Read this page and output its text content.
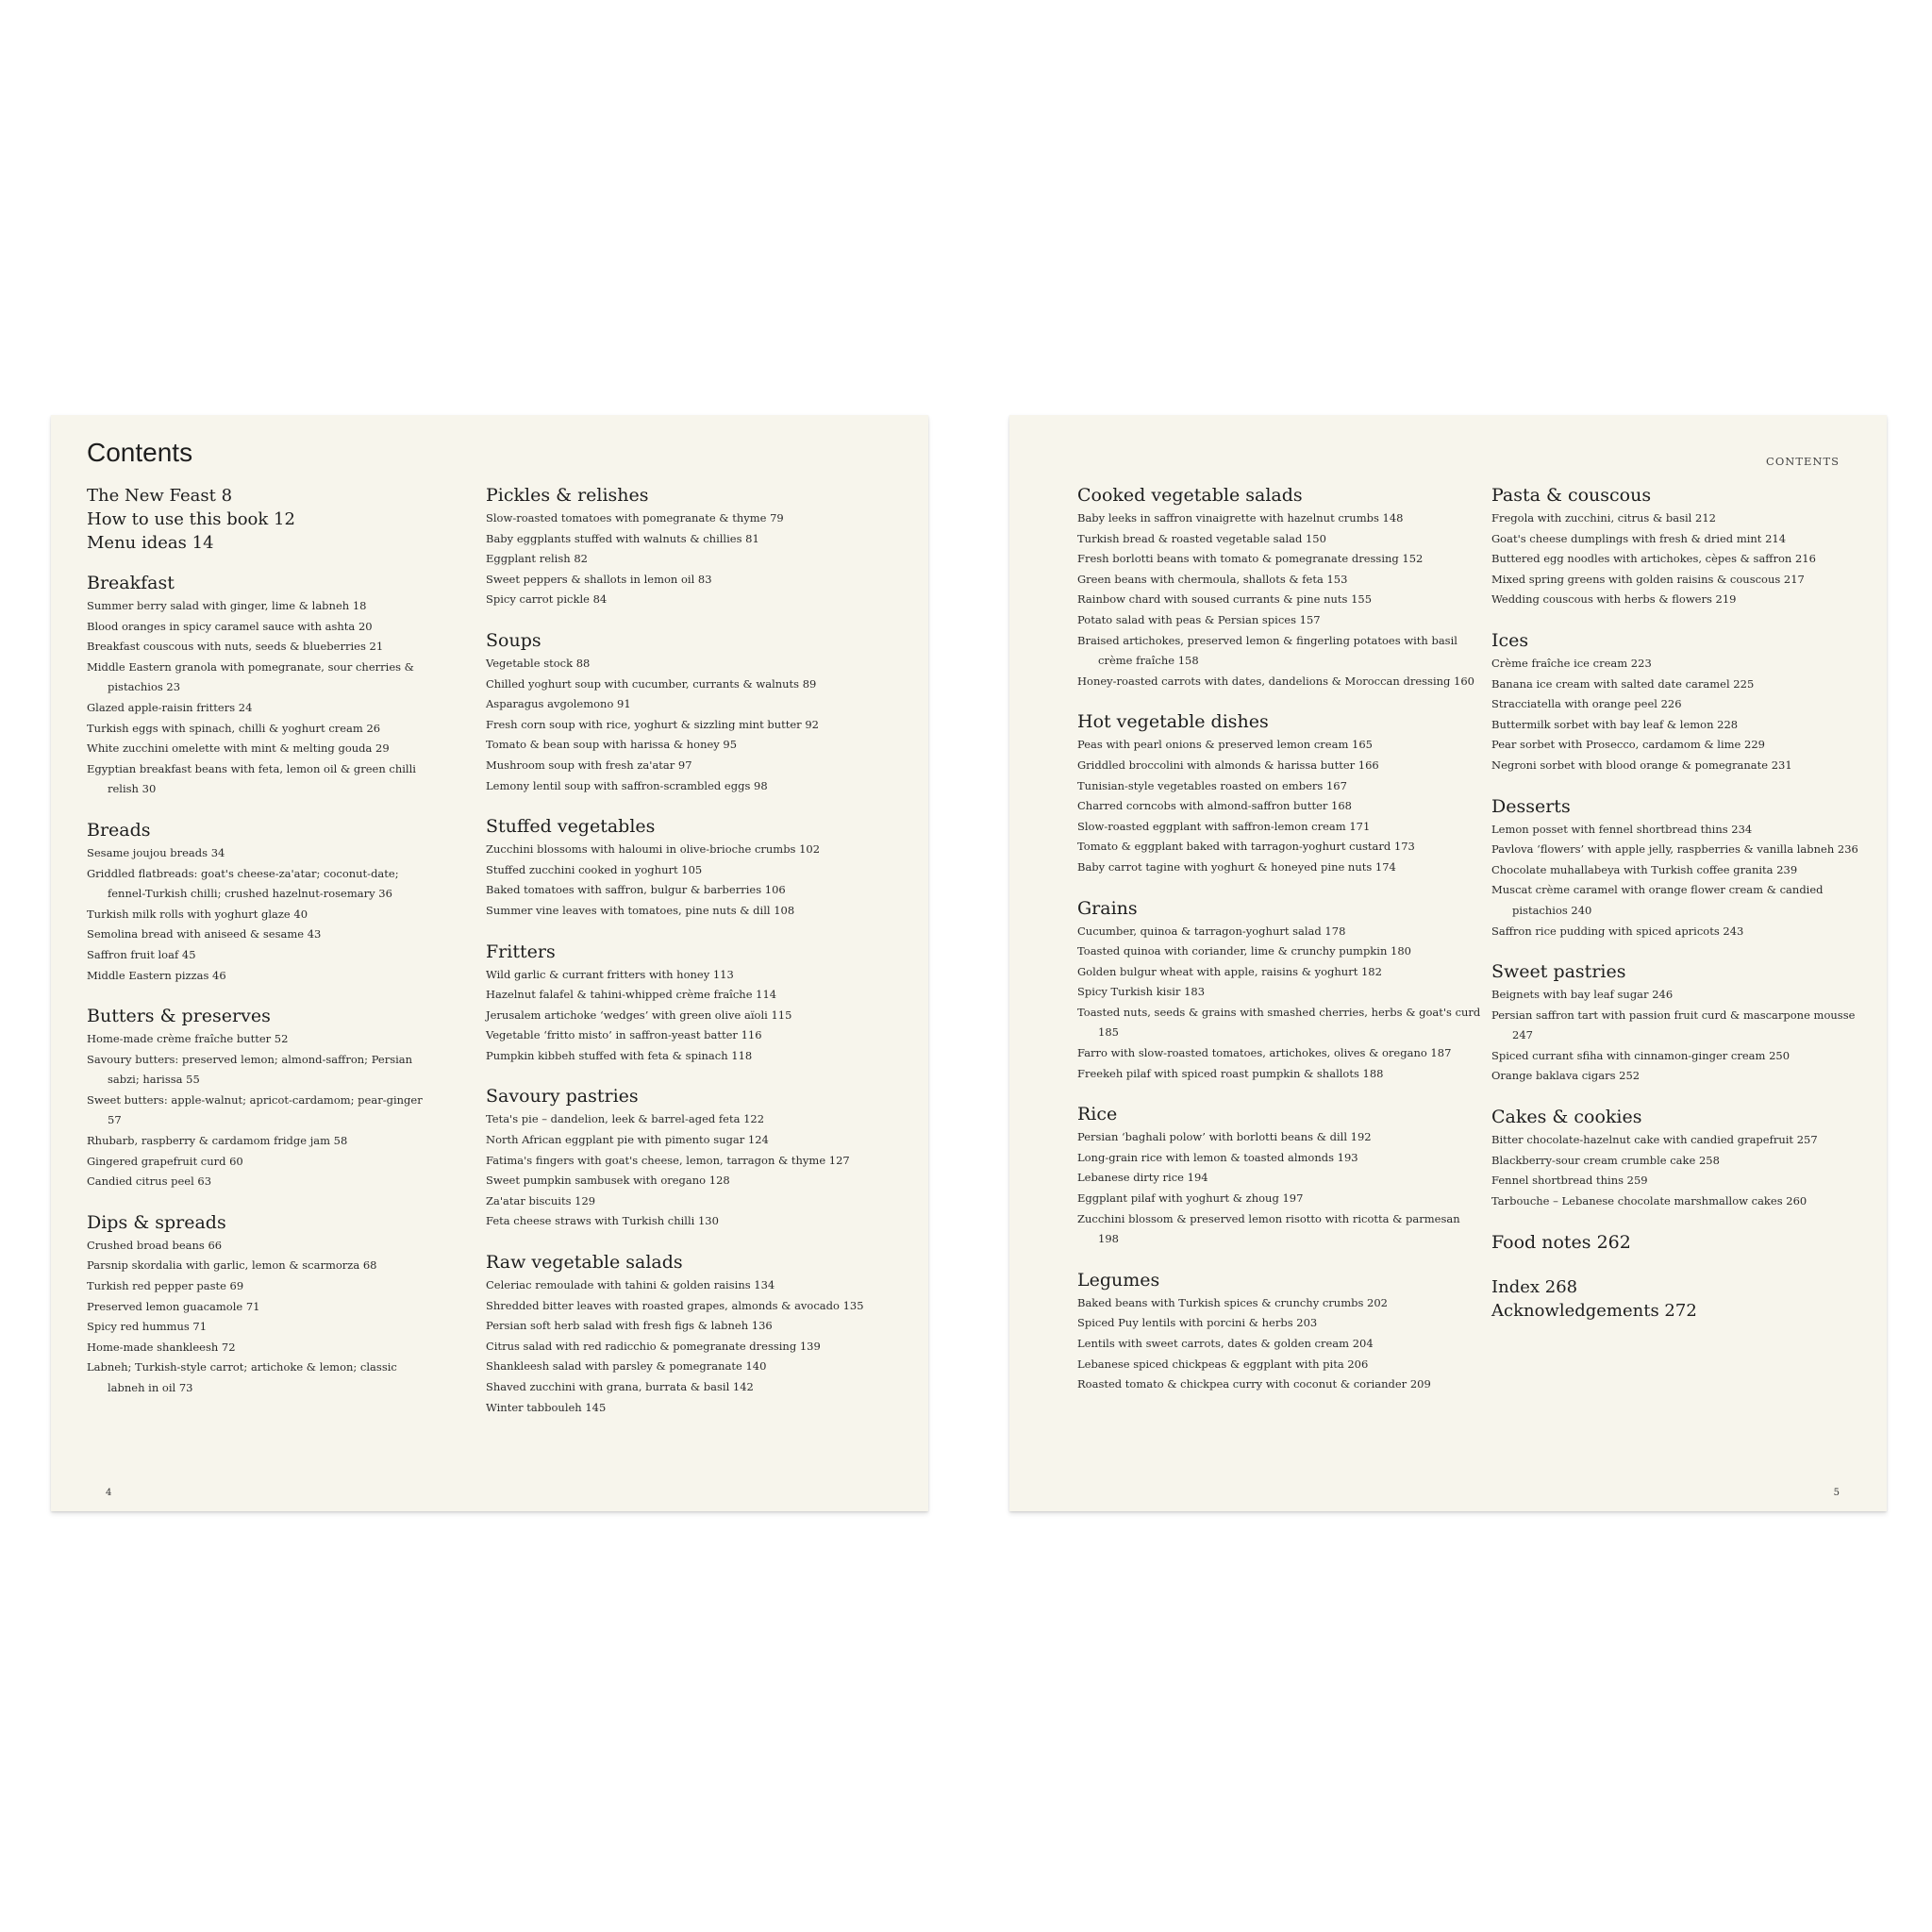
Contents
The New Feast 8
How to use this book 12
Menu ideas 14
Breakfast
Summer berry salad with ginger, lime & labneh 18
Blood oranges in spicy caramel sauce with ashta 20
Breakfast couscous with nuts, seeds & blueberries 21
Middle Eastern granola with pomegranate, sour cherries & pistachios 23
Glazed apple-raisin fritters 24
Turkish eggs with spinach, chilli & yoghurt cream 26
White zucchini omelette with mint & melting gouda 29
Egyptian breakfast beans with feta, lemon oil & green chilli relish 30
Breads
Sesame joujou breads 34
Griddled flatbreads: goat's cheese-za'atar; coconut-date; fennel-Turkish chilli; crushed hazelnut-rosemary 36
Turkish milk rolls with yoghurt glaze 40
Semolina bread with aniseed & sesame 43
Saffron fruit loaf 45
Middle Eastern pizzas 46
Butters & preserves
Home-made crème fraîche butter 52
Savoury butters: preserved lemon; almond-saffron; Persian sabzi; harissa 55
Sweet butters: apple-walnut; apricot-cardamom; pear-ginger 57
Rhubarb, raspberry & cardamom fridge jam 58
Gingered grapefruit curd 60
Candied citrus peel 63
Dips & spreads
Crushed broad beans 66
Parsnip skordalia with garlic, lemon & scarmorza 68
Turkish red pepper paste 69
Preserved lemon guacamole 71
Spicy red hummus 71
Home-made shankleesh 72
Labneh; Turkish-style carrot; artichoke & lemon; classic labneh in oil 73
Pickles & relishes
Slow-roasted tomatoes with pomegranate & thyme 79
Baby eggplants stuffed with walnuts & chillies 81
Eggplant relish 82
Sweet peppers & shallots in lemon oil 83
Spicy carrot pickle 84
Soups
Vegetable stock 88
Chilled yoghurt soup with cucumber, currants & walnuts 89
Asparagus avgolemono 91
Fresh corn soup with rice, yoghurt & sizzling mint butter 92
Tomato & bean soup with harissa & honey 95
Mushroom soup with fresh za'atar 97
Lemony lentil soup with saffron-scrambled eggs 98
Stuffed vegetables
Zucchini blossoms with haloumi in olive-brioche crumbs 102
Stuffed zucchini cooked in yoghurt 105
Baked tomatoes with saffron, bulgur & barberries 106
Summer vine leaves with tomatoes, pine nuts & dill 108
Fritters
Wild garlic & currant fritters with honey 113
Hazelnut falafel & tahini-whipped crème fraîche 114
Jerusalem artichoke ‘wedges’ with green olive aïoli 115
Vegetable ‘fritto misto’ in saffron-yeast batter 116
Pumpkin kibbeh stuffed with feta & spinach 118
Savoury pastries
Teta's pie – dandelion, leek & barrel-aged feta 122
North African eggplant pie with pimento sugar 124
Fatima's fingers with goat's cheese, lemon, tarragon & thyme 127
Sweet pumpkin sambusek with oregano 128
Za'atar biscuits 129
Feta cheese straws with Turkish chilli 130
Raw vegetable salads
Celeriac remoulade with tahini & golden raisins 134
Shredded bitter leaves with roasted grapes, almonds & avocado 135
Persian soft herb salad with fresh figs & labneh 136
Citrus salad with red radicchio & pomegranate dressing 139
Shankleesh salad with parsley & pomegranate 140
Shaved zucchini with grana, burrata & basil 142
Winter tabbouleh 145
4
CONTENTS
Cooked vegetable salads
Baby leeks in saffron vinaigrette with hazelnut crumbs 148
Turkish bread & roasted vegetable salad 150
Fresh borlotti beans with tomato & pomegranate dressing 152
Green beans with chermoula, shallots & feta 153
Rainbow chard with soused currants & pine nuts 155
Potato salad with peas & Persian spices 157
Braised artichokes, preserved lemon & fingerling potatoes with basil crème fraîche 158
Honey-roasted carrots with dates, dandelions & Moroccan dressing 160
Hot vegetable dishes
Peas with pearl onions & preserved lemon cream 165
Griddled broccolini with almonds & harissa butter 166
Tunisian-style vegetables roasted on embers 167
Charred corncobs with almond-saffron butter 168
Slow-roasted eggplant with saffron-lemon cream 171
Tomato & eggplant baked with tarragon-yoghurt custard 173
Baby carrot tagine with yoghurt & honeyed pine nuts 174
Grains
Cucumber, quinoa & tarragon-yoghurt salad 178
Toasted quinoa with coriander, lime & crunchy pumpkin 180
Golden bulgur wheat with apple, raisins & yoghurt 182
Spicy Turkish kisir 183
Toasted nuts, seeds & grains with smashed cherries, herbs & goat's curd 185
Farro with slow-roasted tomatoes, artichokes, olives & oregano 187
Freekeh pilaf with spiced roast pumpkin & shallots 188
Rice
Persian ‘baghali polow’ with borlotti beans & dill 192
Long-grain rice with lemon & toasted almonds 193
Lebanese dirty rice 194
Eggplant pilaf with yoghurt & zhoug 197
Zucchini blossom & preserved lemon risotto with ricotta & parmesan 198
Legumes
Baked beans with Turkish spices & crunchy crumbs 202
Spiced Puy lentils with porcini & herbs 203
Lentils with sweet carrots, dates & golden cream 204
Lebanese spiced chickpeas & eggplant with pita 206
Roasted tomato & chickpea curry with coconut & coriander 209
Pasta & couscous
Fregola with zucchini, citrus & basil 212
Goat's cheese dumplings with fresh & dried mint 214
Buttered egg noodles with artichokes, cèpes & saffron 216
Mixed spring greens with golden raisins & couscous 217
Wedding couscous with herbs & flowers 219
Ices
Crème fraîche ice cream 223
Banana ice cream with salted date caramel 225
Stracciatella with orange peel 226
Buttermilk sorbet with bay leaf & lemon 228
Pear sorbet with Prosecco, cardamom & lime 229
Negroni sorbet with blood orange & pomegranate 231
Desserts
Lemon posset with fennel shortbread thins 234
Pavlova ‘flowers’ with apple jelly, raspberries & vanilla labneh 236
Chocolate muhallabeya with Turkish coffee granita 239
Muscat crème caramel with orange flower cream & candied pistachios 240
Saffron rice pudding with spiced apricots 243
Sweet pastries
Beignets with bay leaf sugar 246
Persian saffron tart with passion fruit curd & mascarpone mousse 247
Spiced currant sfiha with cinnamon-ginger cream 250
Orange baklava cigars 252
Cakes & cookies
Bitter chocolate-hazelnut cake with candied grapefruit 257
Blackberry-sour cream crumble cake 258
Fennel shortbread thins 259
Tarbouche – Lebanese chocolate marshmallow cakes 260
Food notes 262
Index 268
Acknowledgements 272
5
